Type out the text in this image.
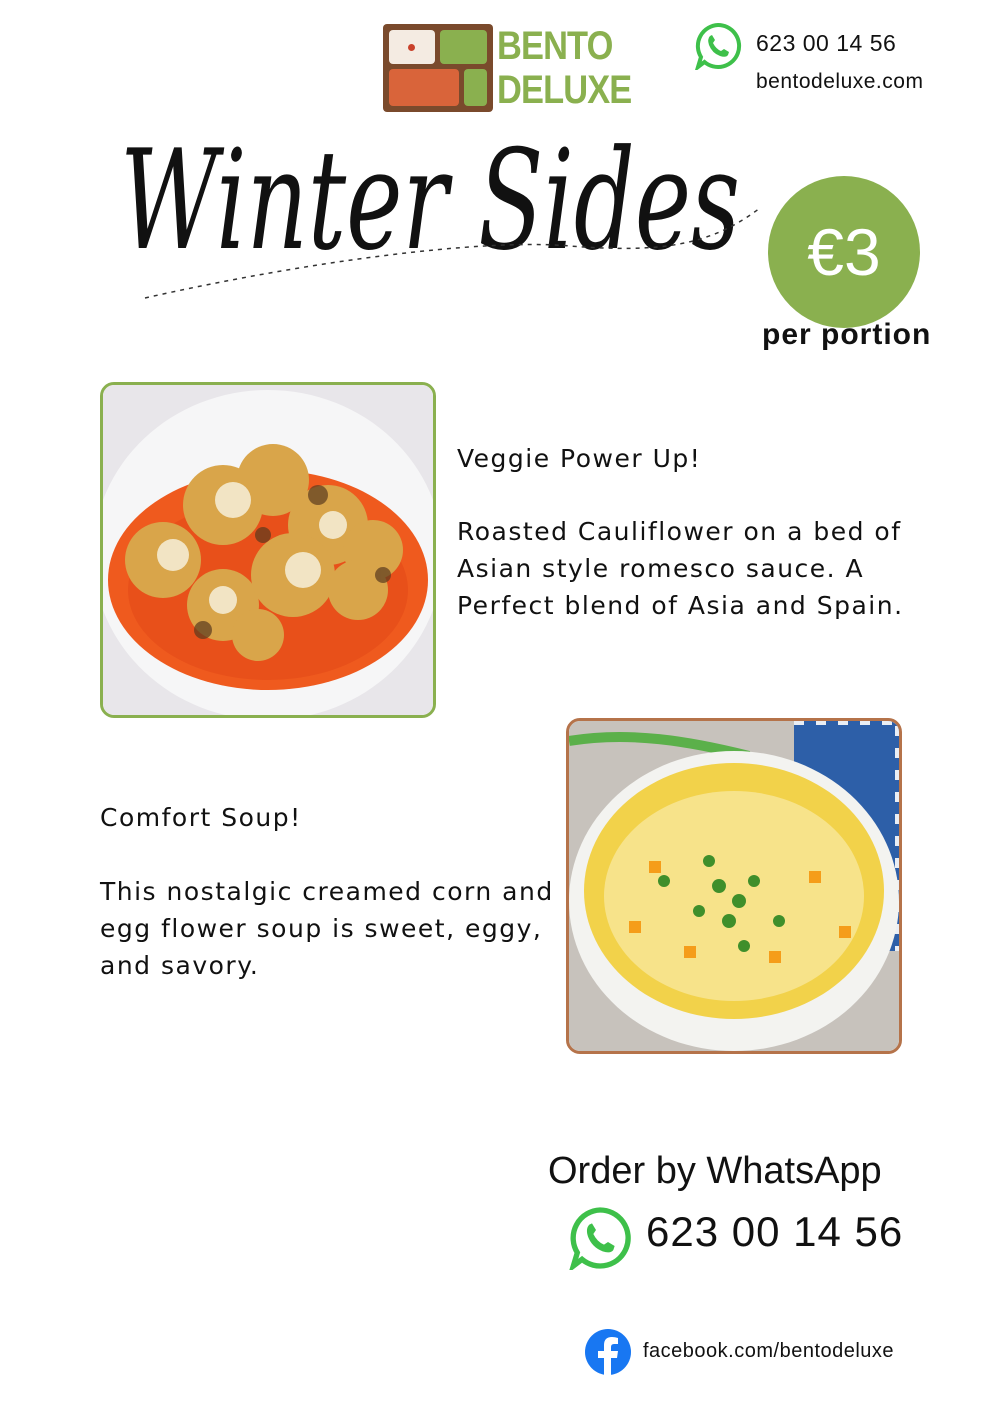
BENTO
DELUXE
623 00 14 56
bentodeluxe.com
Winter Sides €3
per portion
Veggie Power Up!
Roasted Cauliflower on a bed of Asian style romesco sauce. A Perfect blend of Asia and Spain.
Comfort Soup!
This nostalgic creamed corn and egg flower soup is sweet, eggy, and savory.
Order by WhatsApp
623 00 14 56
facebook.com/bentodeluxe
